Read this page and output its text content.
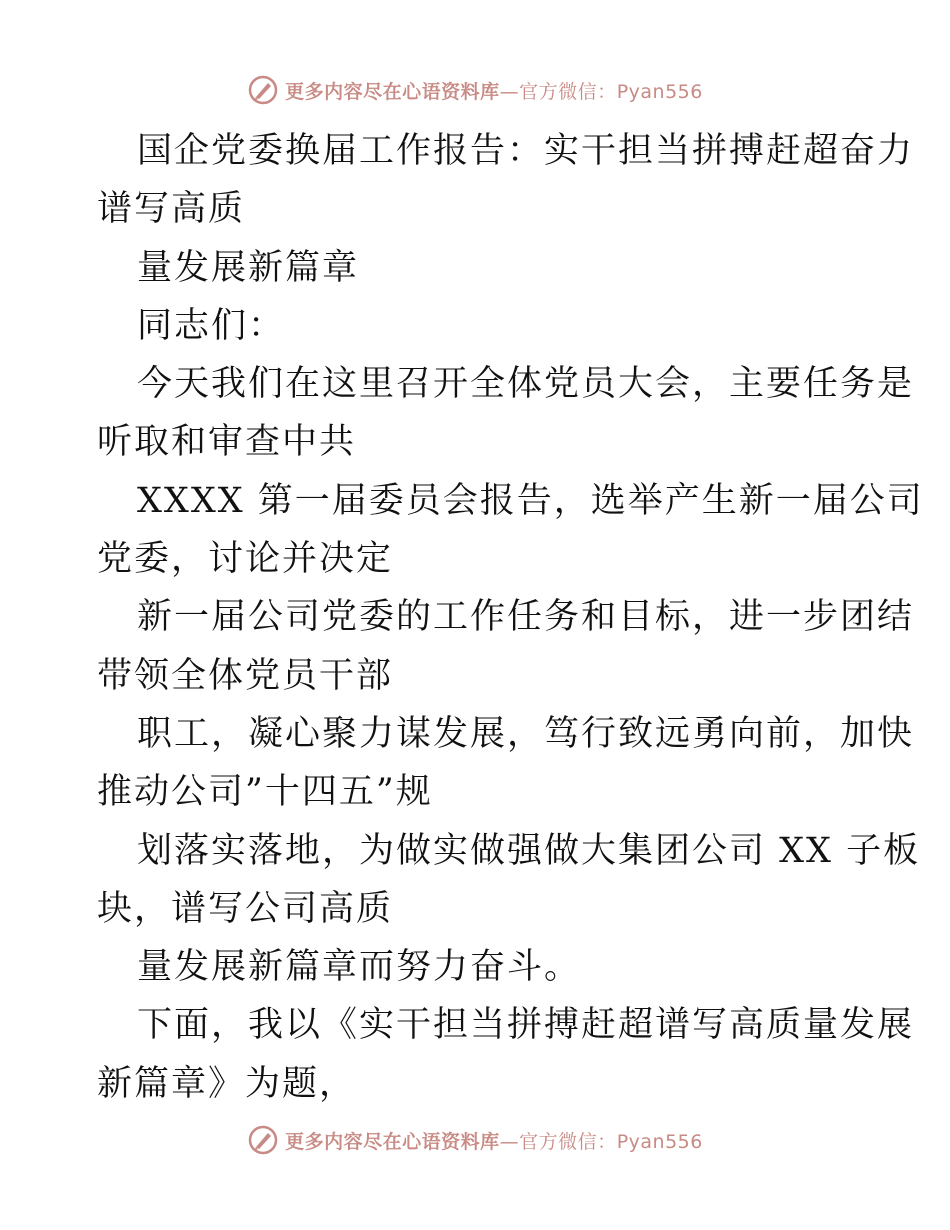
更多内容尽在心语资料库—官方微信：Pyan556
国企党委换届工作报告：实干担当拼搏赶超奋力
谱写高质
量发展新篇章
同志们：
今天我们在这里召开全体党员大会，主要任务是
听取和审查中共
XXXX 第一届委员会报告，选举产生新一届公司
党委，讨论并决定
新一届公司党委的工作任务和目标，进一步团结
带领全体党员干部
职工，凝心聚力谋发展，笃行致远勇向前，加快
推动公司”十四五”规
划落实落地，为做实做强做大集团公司 XX 子板
块，谱写公司高质
量发展新篇章而努力奋斗。
下面，我以《实干担当拼搏赶超谱写高质量发展
新篇章》为题，
更多内容尽在心语资料库—官方微信：Pyan556
